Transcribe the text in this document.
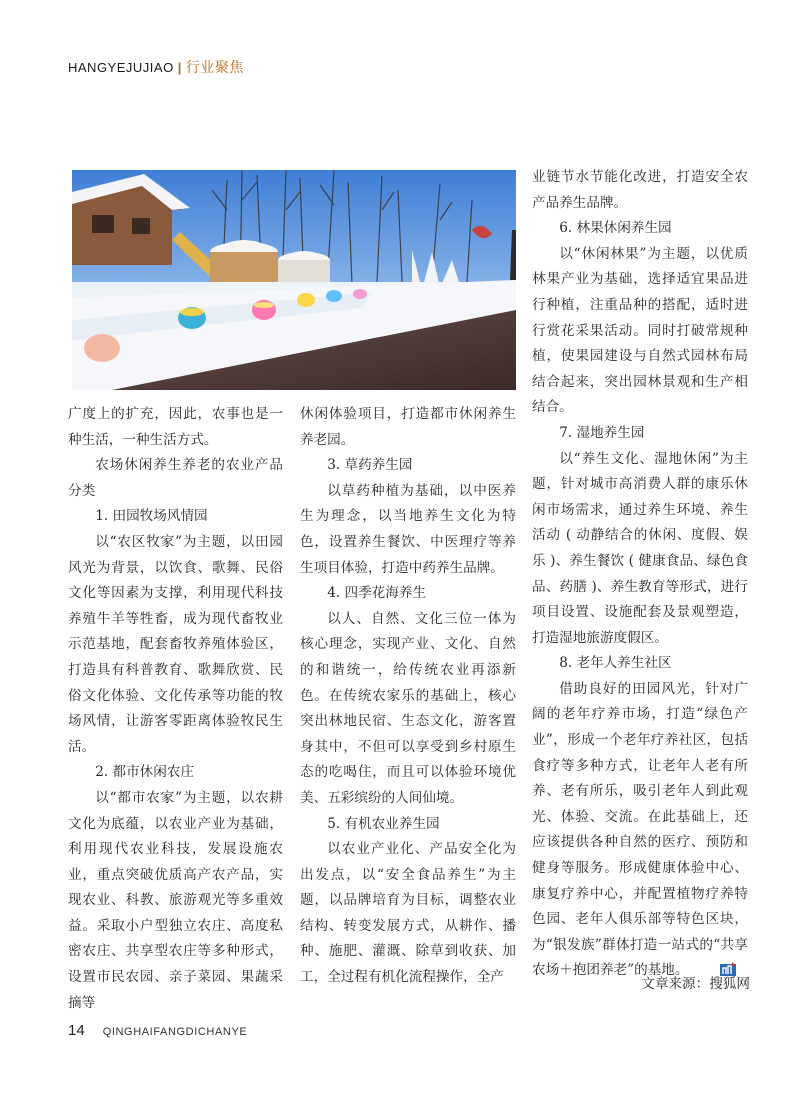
HANGYEJUJIAO | 行业聚焦

广度上的扩充，因此，农事也是一种生活，一种生活方式。

农场休闲养生养老的农业产品分类

1. 田园牧场风情园

以“农区牧家”为主题，以田园风光为背景，以饮食、歌舞、民俗文化等因素为支撑，利用现代科技养殖牛羊等牲畜，成为现代畜牧业示范基地，配套畜牧养殖体验区，打造具有科普教育、歌舞欣赏、民俗文化体验、文化传承等功能的牧场风情，让游客零距离体验牧民生活。

2. 都市休闲农庄

以“都市农家”为主题，以农耕文化为底蕴，以农业产业为基础，利用现代农业科技，发展设施农业，重点突破优质高产农产品，实现农业、科教、旅游观光等多重效益。采取小户型独立农庄、高度私密农庄、共享型农庄等多种形式，设置市民农园、亲子菜园、果蔬采摘等

休闲体验项目，打造都市休闲养生养老园。

3. 草药养生园

以草药种植为基础，以中医养生为理念，以当地养生文化为特色，设置养生餐饮、中医理疗等养生项目体验，打造中药养生品牌。

4. 四季花海养生

以人、自然、文化三位一体为核心理念，实现产业、文化、自然的和谐统一，给传统农业再添新色。在传统农家乐的基础上，核心突出林地民宿、生态文化，游客置身其中，不但可以享受到乡村原生态的吃喝住，而且可以体验环境优美、五彩缤纷的人间仙境。

5. 有机农业养生园

以农业产业化、产品安全化为出发点，以“安全食品养生”为主题，以品牌培育为目标，调整农业结构、转变发展方式，从耕作、播种、施肥、灌溉、除草到收获、加工，全过程有机化流程操作，全产

业链节水节能化改进，打造安全农产品养生品牌。

6. 林果休闲养生园

以“休闲林果”为主题，以优质林果产业为基础，选择适宜果品进行种植，注重品种的搭配，适时进行赏花采果活动。同时打破常规种植，使果园建设与自然式园林布局结合起来，突出园林景观和生产相结合。

7. 湿地养生园

以“养生文化、湿地休闲”为主题，针对城市高消费人群的康乐休闲市场需求，通过养生环境、养生活动 ( 动静结合的休闲、度假、娱乐 )、养生餐饮 ( 健康食品、绿色食品、药膳 )、养生教育等形式，进行项目设置、设施配套及景观塑造，打造湿地旅游度假区。

8. 老年人养生社区

借助良好的田园风光，针对广阔的老年疗养市场，打造“绿色产业”，形成一个老年疗养社区，包括食疗等多种方式，让老年人老有所养、老有所乐，吸引老年人到此观光、体验、交流。在此基础上，还应该提供各种自然的医疗、预防和健身等服务。形成健康体验中心、康复疗养中心，并配置植物疗养特色园、老年人俱乐部等特色区块，为“银发族”群体打造一站式的“共享农场＋抱团养老”的基地。

文章来源：搜狐网
14 QINGHAIFANGDICHANYE
